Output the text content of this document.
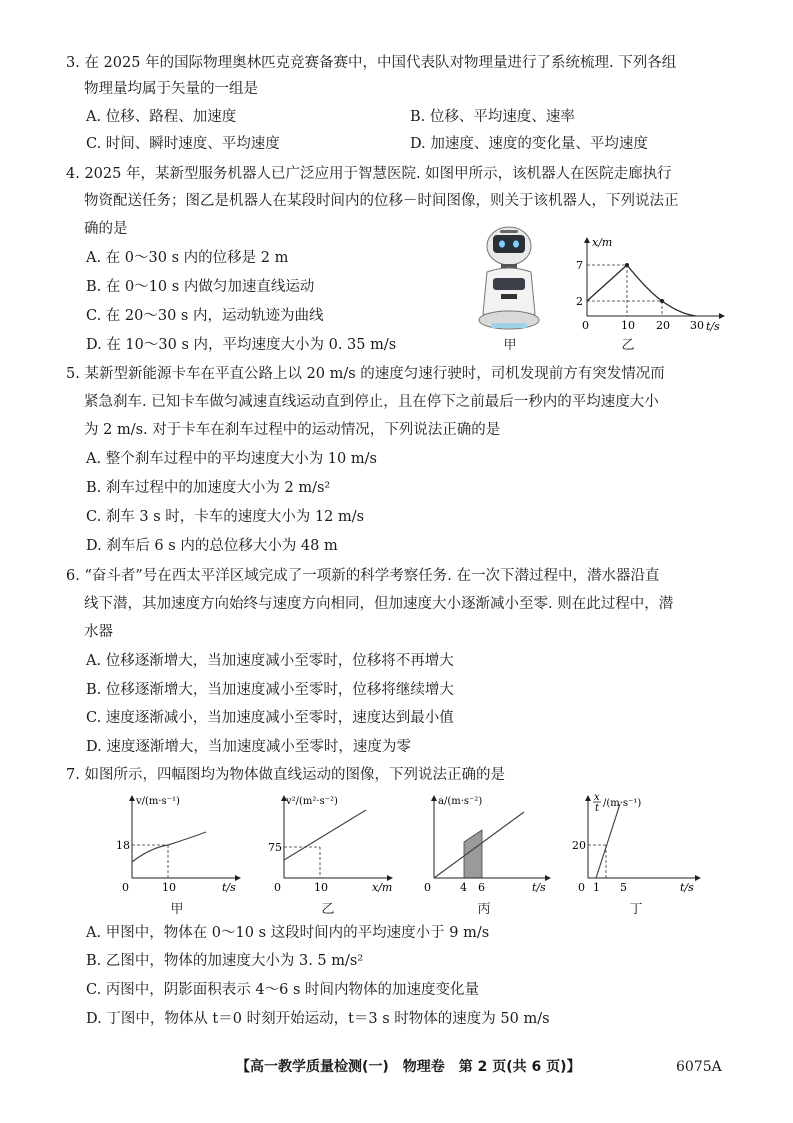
3. 在 2025 年的国际物理奥林匹克竞赛备赛中，中国代表队对物理量进行了系统梳理. 下列各组
物理量均属于矢量的一组是
A. 位移、路程、加速度	B. 位移、平均速度、速率
C. 时间、瞬时速度、平均速度	D. 加速度、速度的变化量、平均速度
4. 2025 年，某新型服务机器人已广泛应用于智慧医院. 如图甲所示，该机器人在医院走廊执行
物资配送任务；图乙是机器人在某段时间内的位移－时间图像，则关于该机器人，下列说法正
确的是
A. 在 0～30 s 内的位移是 2 m
B. 在 0～10 s 内做匀加速直线运动
C. 在 20～30 s 内，运动轨迹为曲线
D. 在 10～30 s 内，平均速度大小为 0. 35 m/s	甲
x/m
7
2
0	10 20 30 t/s
乙
5. 某新型新能源卡车在平直公路上以 20 m/s 的速度匀速行驶时，司机发现前方有突发情况而
紧急刹车. 已知卡车做匀减速直线运动直到停止，且在停下之前最后一秒内的平均速度大小
为 2 m/s. 对于卡车在刹车过程中的运动情况，下列说法正确的是
A. 整个刹车过程中的平均速度大小为 10 m/s
B. 刹车过程中的加速度大小为 2 m/s²
C. 刹车 3 s 时，卡车的速度大小为 12 m/s
D. 刹车后 6 s 内的总位移大小为 48 m
6. “奋斗者”号在西太平洋区域完成了一项新的科学考察任务. 在一次下潜过程中，潜水器沿直
线下潜，其加速度方向始终与速度方向相同，但加速度大小逐渐减小至零. 则在此过程中，潜
水器
A. 位移逐渐增大，当加速度减小至零时，位移将不再增大
B. 位移逐渐增大，当加速度减小至零时，位移将继续增大
C. 速度逐渐减小，当加速度减小至零时，速度达到最小值
D. 速度逐渐增大，当加速度减小至零时，速度为零
7. 如图所示，四幅图均为物体做直线运动的图像，下列说法正确的是
v/(m·s⁻¹)
18
0	10	t/s
甲
v²/(m²·s⁻²)
75
0	10	x/m
乙
a/(m·s⁻²)
0	4 6	t/s
丙
x
t /(m·s⁻¹)
20
0 1 5	t/s
丁
A. 甲图中，物体在 0～10 s 这段时间内的平均速度小于 9 m/s
B. 乙图中，物体的加速度大小为 3. 5 m/s²
C. 丙图中，阴影面积表示 4～6 s 时间内物体的加速度变化量
D. 丁图中，物体从 t＝0 时刻开始运动，t＝3 s 时物体的速度为 50 m/s
【高一教学质量检测(一)　物理卷　第 2 页(共 6 页)】	6075A
